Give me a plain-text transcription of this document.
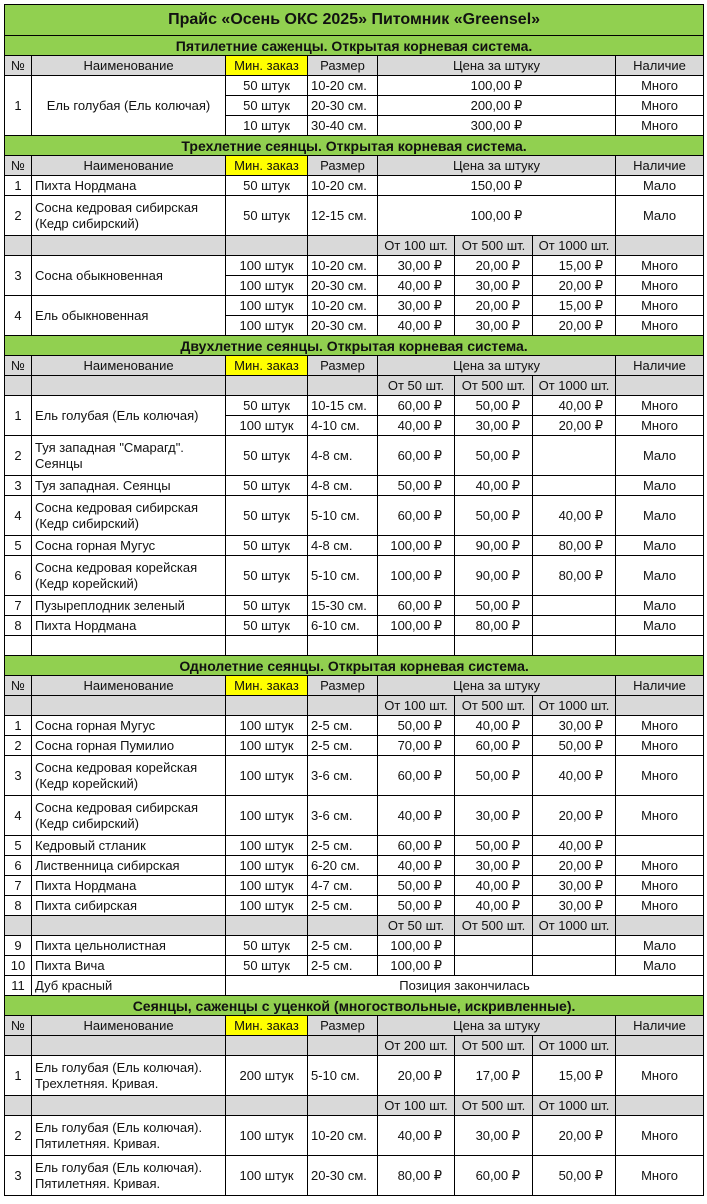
Прайс «Осень ОКС 2025» Питомник «Greensel»							
Пятилетние саженцы. Открытая корневая система.							
№	Наименование	Мин. заказ	Размер	Цена за штуку			Наличие
1	Ель голубая (Ель колючая)	50 штук	10-20 см.	100,00 ₽			Много
		50 штук	20-30 см.	200,00 ₽			Много
		10 штук	30-40 см.	300,00 ₽			Много
Трехлетние сеянцы. Открытая корневая система.							
№	Наименование	Мин. заказ	Размер	Цена за штуку			Наличие
1	Пихта Нордмана	50 штук	10-20 см.	150,00 ₽			Мало
2	Сосна кедровая сибирская (Кедр сибирский)	50 штук	12-15 см.	100,00 ₽			Мало
				От 100 шт.	От 500 шт.	От 1000 шт.	
3	Сосна обыкновенная	100 штук	10-20 см.	30,00 ₽	20,00 ₽	15,00 ₽	Много
		100 штук	20-30 см.	40,00 ₽	30,00 ₽	20,00 ₽	Много
4	Ель обыкновенная	100 штук	10-20 см.	30,00 ₽	20,00 ₽	15,00 ₽	Много
		100 штук	20-30 см.	40,00 ₽	30,00 ₽	20,00 ₽	Много
Двухлетние сеянцы. Открытая корневая система.							
№	Наименование	Мин. заказ	Размер	Цена за штуку			Наличие
				От 50 шт.	От 500 шт.	От 1000 шт.	
1	Ель голубая (Ель колючая)	50 штук	10-15 см.	60,00 ₽	50,00 ₽	40,00 ₽	Много
		100 штук	4-10 см.	40,00 ₽	30,00 ₽	20,00 ₽	Много
2	Туя западная "Смарагд". Сеянцы	50 штук	4-8 см.	60,00 ₽	50,00 ₽		Мало
3	Туя западная. Сеянцы	50 штук	4-8 см.	50,00 ₽	40,00 ₽		Мало
4	Сосна кедровая сибирская (Кедр сибирский)	50 штук	5-10 см.	60,00 ₽	50,00 ₽	40,00 ₽	Мало
5	Сосна горная Мугус	50 штук	4-8 см.	100,00 ₽	90,00 ₽	80,00 ₽	Мало
6	Сосна кедровая корейская (Кедр корейский)	50 штук	5-10 см.	100,00 ₽	90,00 ₽	80,00 ₽	Мало
7	Пузыреплодник зеленый	50 штук	15-30 см.	60,00 ₽	50,00 ₽		Мало
8	Пихта Нордмана	50 штук	6-10 см.	100,00 ₽	80,00 ₽		Мало

Однолетние сеянцы. Открытая корневая система.							
№	Наименование	Мин. заказ	Размер	Цена за штуку			Наличие
				От 100 шт.	От 500 шт.	От 1000 шт.	
1	Сосна горная Мугус	100 штук	2-5 см.	50,00 ₽	40,00 ₽	30,00 ₽	Много
2	Сосна горная Пумилио	100 штук	2-5 см.	70,00 ₽	60,00 ₽	50,00 ₽	Много
3	Сосна кедровая корейская (Кедр корейский)	100 штук	3-6 см.	60,00 ₽	50,00 ₽	40,00 ₽	Много
4	Сосна кедровая сибирская (Кедр сибирский)	100 штук	3-6 см.	40,00 ₽	30,00 ₽	20,00 ₽	Много
5	Кедровый стланик	100 штук	2-5 см.	60,00 ₽	50,00 ₽	40,00 ₽	
6	Лиственница сибирская	100 штук	6-20 см.	40,00 ₽	30,00 ₽	20,00 ₽	Много
7	Пихта Нордмана	100 штук	4-7 см.	50,00 ₽	40,00 ₽	30,00 ₽	Много
8	Пихта сибирская	100 штук	2-5 см.	50,00 ₽	40,00 ₽	30,00 ₽	Много
				От 50 шт.	От 500 шт.	От 1000 шт.	
9	Пихта цельнолистная	50 штук	2-5 см.	100,00 ₽			Мало
10	Пихта Вича	50 штук	2-5 см.	100,00 ₽			Мало
11	Дуб красный	Позиция закончилась					
Сеянцы, саженцы с уценкой (многоствольные, искривленные).							
№	Наименование	Мин. заказ	Размер	Цена за штуку			Наличие
				От 200 шт.	От 500 шт.	От 1000 шт.	
1	Ель голубая (Ель колючая). Трехлетняя. Кривая.	200 штук	5-10 см.	20,00 ₽	17,00 ₽	15,00 ₽	Много
				От 100 шт.	От 500 шт.	От 1000 шт.	
2	Ель голубая (Ель колючая). Пятилетняя. Кривая.	100 штук	10-20 см.	40,00 ₽	30,00 ₽	20,00 ₽	Много
3	Ель голубая (Ель колючая). Пятилетняя. Кривая.	100 штук	20-30 см.	80,00 ₽	60,00 ₽	50,00 ₽	Много
